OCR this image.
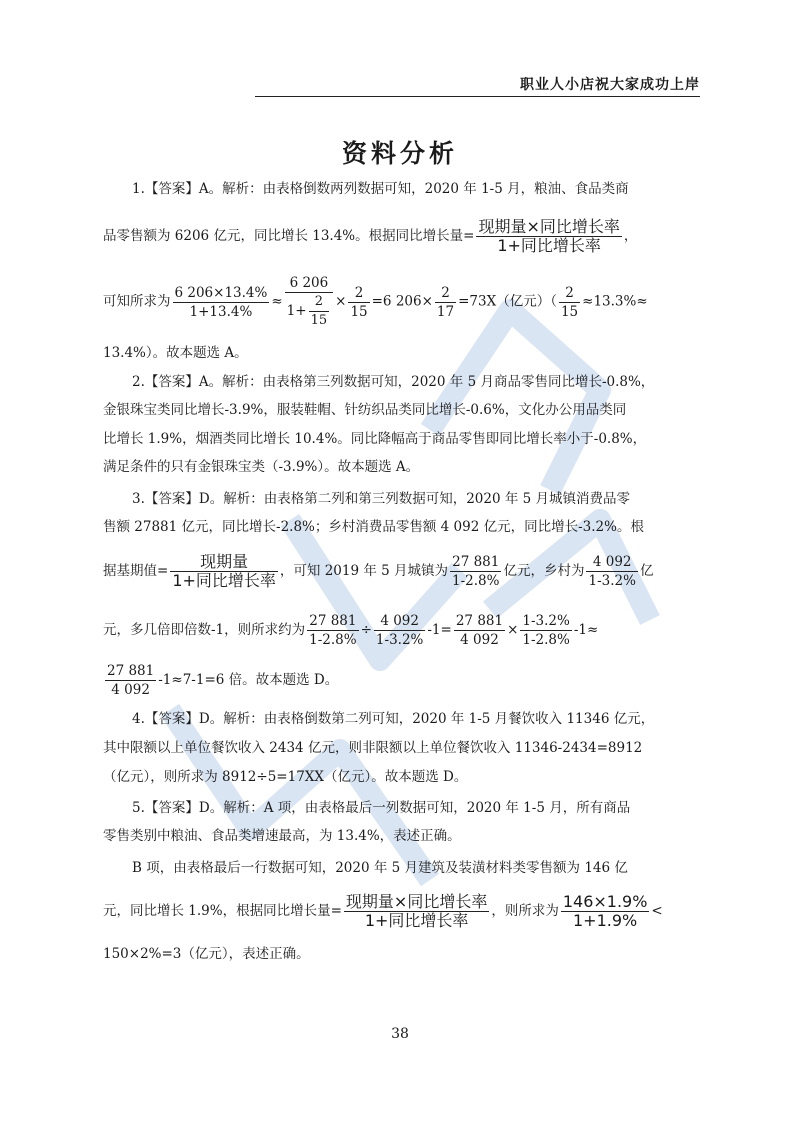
职业人小店祝大家成功上岸
资料分析
1.【答案】A。解析：由表格倒数两列数据可知，2020 年 1-5 月，粮油、食品类商
品零售额为 6206 亿元，同比增长 13.4%。根据同比增长量= $\frac{\text{现期量×同比增长率}}{\text{1+同比增长率}}$ ，
可知所求为 $\frac{6 206\times 13.4\%}{1+13.4\%} \approx \frac{6 206}{1+ \frac{2}{15}} \times \frac{2}{15} =6$ $206\times \frac{2}{17} =73X$（亿元）（ $\frac{2}{15} \approx 13.3\%\approx$
13.4%）。故本题选 A。
2.【答案】A。解析：由表格第三列数据可知，2020 年 5 月商品零售同比增长-0.8%，
金银珠宝类同比增长-3.9%，服装鞋帽、针纺织品类同比增长-0.6%，文化办公用品类同
比增长 1.9%，烟酒类同比增长 10.4%。同比降幅高于商品零售即同比增长率小于-0.8%，
满足条件的只有金银珠宝类（-3.9%）。故本题选 A。
3.【答案】D。解析：由表格第二列和第三列数据可知，2020 年 5 月城镇消费品零
售额 27881 亿元，同比增长-2.8%；乡村消费品零售额 4 092 亿元，同比增长-3.2%。根
据基期值= $\frac{\text{现期量}}{\text{1+同比增长率}}$ ，可知 2019 年 5 月城镇为 $\frac{27 881}{1-2.8\%}$ 亿元，乡村为 $\frac{4 092}{1-3.2\%}$ 亿
元，多几倍即倍数-1，则所求约为 $\frac{27 881}{1-2.8\%} \div \frac{4 092}{1-3.2\%} -1= \frac{27 881}{4 092} \times \frac{1-3.2\%}{1-2.8\%} -1\approx$
$\frac{27 881}{4 092} -1\approx 7-1=6$ 倍。故本题选 D。
4.【答案】D。解析：由表格倒数第二列可知，2020 年 1-5 月餐饮收入 11346 亿元，
其中限额以上单位餐饮收入 2434 亿元，则非限额以上单位餐饮收入 11346-2434=8912
（亿元），则所求为 8912÷5=17XX（亿元）。故本题选 D。
5.【答案】D。解析：A 项，由表格最后一列数据可知，2020 年 1-5 月，所有商品
零售类别中粮油、食品类增速最高，为 13.4%，表述正确。
B 项，由表格最后一行数据可知，2020 年 5 月建筑及装潢材料类零售额为 146 亿
元，同比增长 1.9%，根据同比增长量= $\frac{\text{现期量×同比增长率}}{\text{1+同比增长率}}$ ，则所求为 $\frac{146\times 1.9\%}{1+1.9\%}$ <
150×2%=3（亿元），表述正确。
38
